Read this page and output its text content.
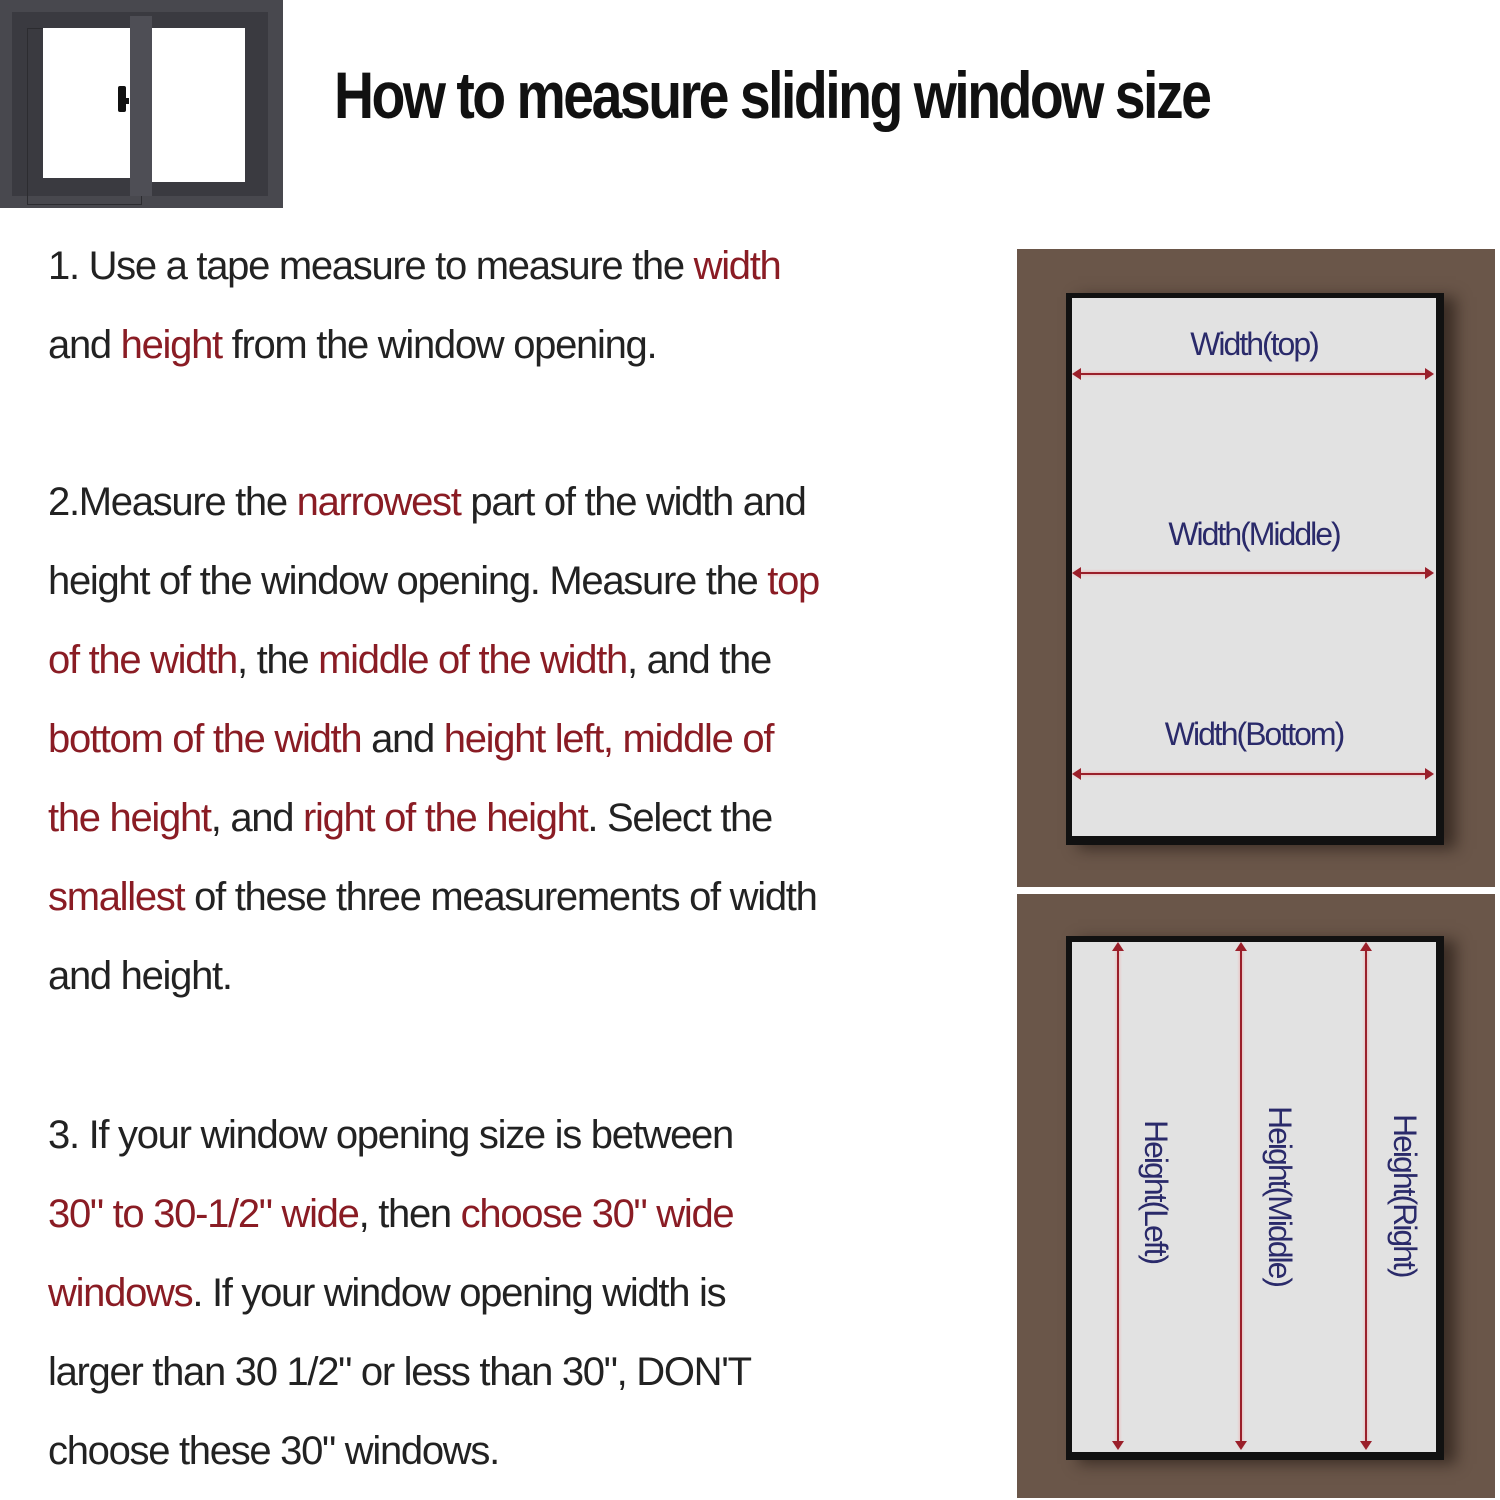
How to measure sliding window size
1. Use a tape measure to measure the width
and height from the window opening.
2.Measure the narrowest part of the width and
height of the window opening. Measure the top
of the width, the middle of the width, and the
bottom of the width and height left, middle of
the height, and right of the height. Select the
smallest of these three measurements of width
and height.
3. If your window opening size is between
30" to 30-1/2" wide, then choose 30" wide
windows. If your window opening width is
larger than 30 1/2" or less than 30", DON'T
choose these 30" windows.
Width(top)
Width(Middle)
Width(Bottom)
Height(Left)	Height(Middle)	Height(Right)
